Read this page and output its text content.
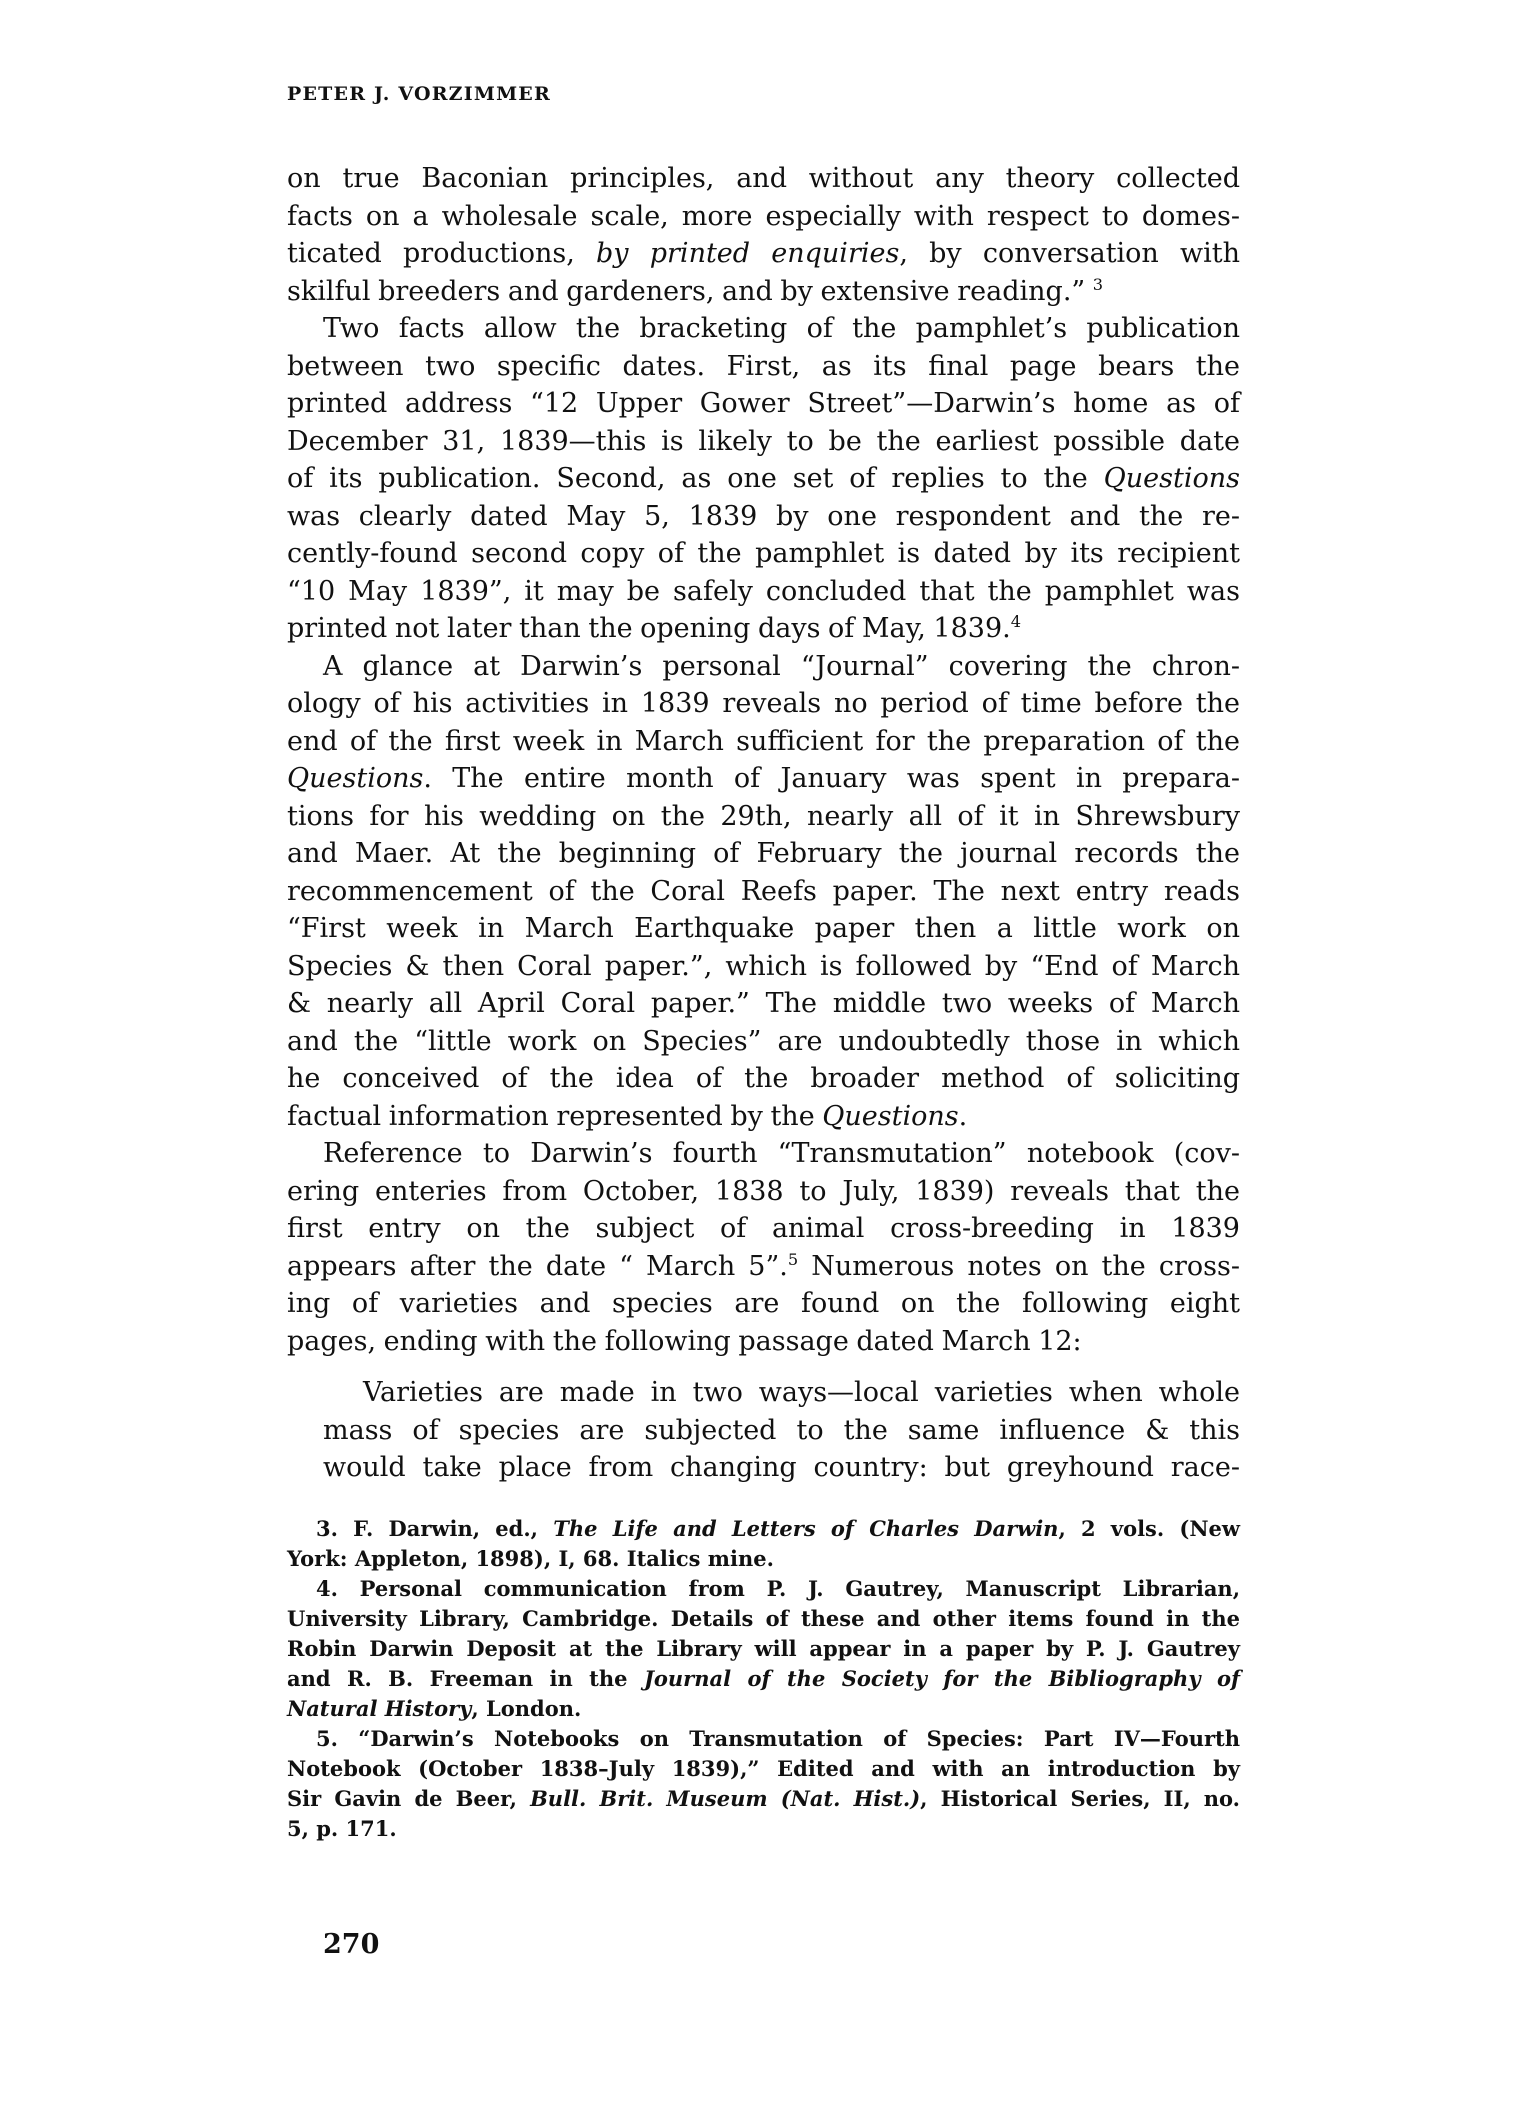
PETER J. VORZIMMER
on true Baconian principles, and without any theory collected
facts on a wholesale scale, more especially with respect to domes-
ticated productions, by printed enquiries, by conversation with
skilful breeders and gardeners, and by extensive reading.” $^3$
Two facts allow the bracketing of the pamphlet’s publication
between two specific dates. First, as its final page bears the
printed address “12 Upper Gower Street”—Darwin’s home as of
December 31, 1839—this is likely to be the earliest possible date
of its publication. Second, as one set of replies to the Questions
was clearly dated May 5, 1839 by one respondent and the re-
cently-found second copy of the pamphlet is dated by its recipient
“10 May 1839”, it may be safely concluded that the pamphlet was
printed not later than the opening days of May, 1839.$^4$
A glance at Darwin’s personal “Journal” covering the chron-
ology of his activities in 1839 reveals no period of time before the
end of the first week in March sufficient for the preparation of the
Questions. The entire month of January was spent in prepara-
tions for his wedding on the 29th, nearly all of it in Shrewsbury
and Maer. At the beginning of February the journal records the
recommencement of the Coral Reefs paper. The next entry reads
“First week in March Earthquake paper then a little work on
Species & then Coral paper.”, which is followed by “End of March
& nearly all April Coral paper.” The middle two weeks of March
and the “little work on Species” are undoubtedly those in which
he conceived of the idea of the broader method of soliciting
factual information represented by the Questions.
Reference to Darwin’s fourth “Transmutation” notebook (cov-
ering enteries from October, 1838 to July, 1839) reveals that the
first entry on the subject of animal cross-breeding in 1839
appears after the date “ March 5”.$^5$ Numerous notes on the cross-
ing of varieties and species are found on the following eight
pages, ending with the following passage dated March 12:
Varieties are made in two ways—local varieties when whole
mass of species are subjected to the same influence & this
would take place from changing country: but greyhound race-
3. F. Darwin, ed., The Life and Letters of Charles Darwin, 2 vols. (New
York: Appleton, 1898), I, 68. Italics mine.
4. Personal communication from P. J. Gautrey, Manuscript Librarian,
University Library, Cambridge. Details of these and other items found in the
Robin Darwin Deposit at the Library will appear in a paper by P. J. Gautrey
and R. B. Freeman in the Journal of the Society for the Bibliography of
Natural History, London.
5. “Darwin’s Notebooks on Transmutation of Species: Part IV—Fourth
Notebook (October 1838–July 1839),” Edited and with an introduction by
Sir Gavin de Beer, Bull. Brit. Museum (Nat. Hist.), Historical Series, II, no.
5, p. 171.
270
